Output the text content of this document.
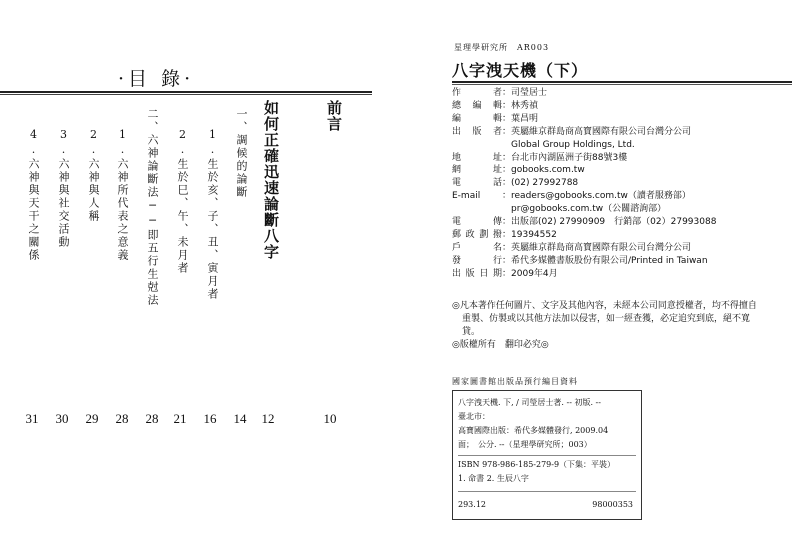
·目 錄·
前言
如何正確迅速論斷八字
一、調候的論斷
1.生於亥、子、丑、寅月者
2.生於巳、午、未月者
二、六神論斷法──即五行生尅法
1.六神所代表之意義
2.六神與人稱
3.六神與社交活動
4.六神與天干之關係
10
12
14
16
21
28
28
29
30
31
星理學研究所　AR003
八字洩天機（下）
作　者：司瑩居士
總 編 輯：林秀禎
編　輯：葉昌明
出 版 者：英屬維京群島商高寶國際有限公司台灣分公司
　Global Group Holdings, Ltd.
地　址：台北市內湖區洲子街88號3樓
網　址：gobooks.com.tw
電　話：(02) 27992788
E-mail ：readers@gobooks.com.tw（讀者服務部）
　pr@gobooks.com.tw（公關諮詢部）
電　傳：出版部(02) 27990909　行銷部（02）27993088
郵政劃撥：19394552
戶　名：英屬維京群島商高寶國際有限公司台灣分公司
發　行：希代多媒體書版股份有限公司/Printed in Taiwan
出版日期：2009年4月

◎凡本著作任何圖片、文字及其他內容，未經本公司同意授權者，均不得擅自

重製、仿製或以其他方法加以侵害，如一經查獲，必定追究到底，絕不寬

貸。

◎版權所有　翻印必究◎

國家圖書館出版品預行編目資料
八字洩天機. 下, / 司瑩居士著. -- 初版. --
臺北市：
高寶國際出版：希代多媒體發行, 2009.04
面；　公分. --（星理學研究所；003）
ISBN 978-986-185-279-9（下集：平裝）
1. 命書 2. 生辰八字
293.12	98000353
